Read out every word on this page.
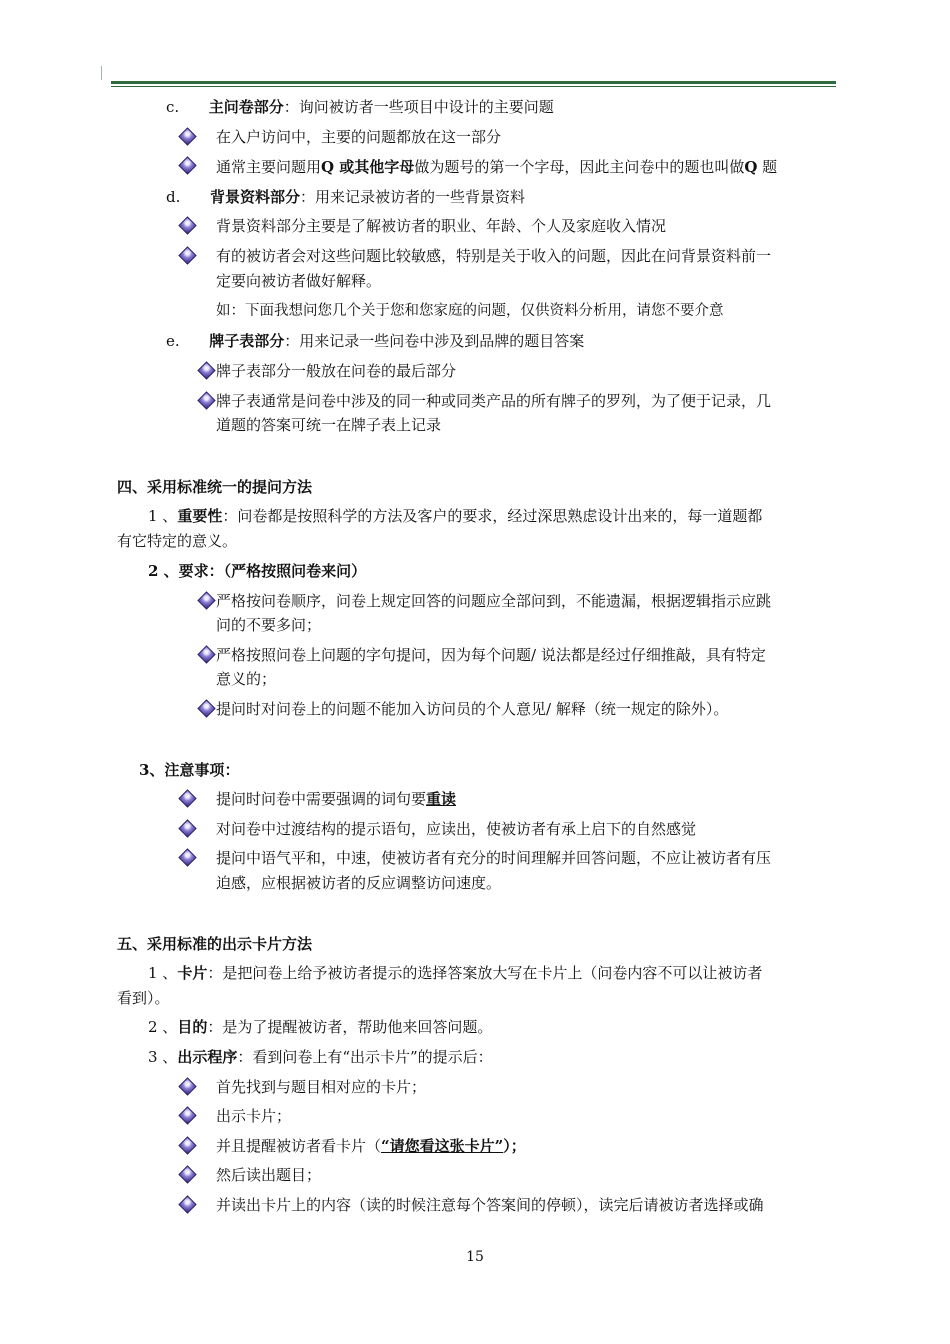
c. 主问卷部分：询问被访者一些项目中设计的主要问题
在入户访问中，主要的问题都放在这一部分
通常主要问题用Q 或其他字母做为题号的第一个字母，因此主问卷中的题也叫做Q 题
d. 背景资料部分：用来记录被访者的一些背景资料
背景资料部分主要是了解被访者的职业、年龄、个人及家庭收入情况
有的被访者会对这些问题比较敏感，特别是关于收入的问题，因此在问背景资料前一
定要向被访者做好解释。
如：下面我想问您几个关于您和您家庭的问题，仅供资料分析用，请您不要介意
e. 牌子表部分：用来记录一些问卷中涉及到品牌的题目答案
牌子表部分一般放在问卷的最后部分
牌子表通常是问卷中涉及的同一种或同类产品的所有牌子的罗列，为了便于记录，几
道题的答案可统一在牌子表上记录
四、采用标准统一的提问方法
1 、重要性：问卷都是按照科学的方法及客户的要求，经过深思熟虑设计出来的，每一道题都
有它特定的意义。
2 、要求：（严格按照问卷来问）
严格按问卷顺序，问卷上规定回答的问题应全部问到，不能遗漏，根据逻辑指示应跳
问的不要多问；
严格按照问卷上问题的字句提问，因为每个问题/ 说法都是经过仔细推敲，具有特定
意义的；
提问时对问卷上的问题不能加入访问员的个人意见/ 解释（统一规定的除外）。
3、注意事项：
提问时问卷中需要强调的词句要重读
对问卷中过渡结构的提示语句，应读出，使被访者有承上启下的自然感觉
提问中语气平和，中速，使被访者有充分的时间理解并回答问题，不应让被访者有压
迫感，应根据被访者的反应调整访问速度。
五、采用标准的出示卡片方法
1 、卡片：是把问卷上给予被访者提示的选择答案放大写在卡片上（问卷内容不可以让被访者
看到）。
2 、目的：是为了提醒被访者，帮助他来回答问题。
3 、出示程序：看到问卷上有“出示卡片”的提示后：
首先找到与题目相对应的卡片；
出示卡片；
并且提醒被访者看卡片（“请您看这张卡片”）；
然后读出题目；
并读出卡片上的内容（读的时候注意每个答案间的停顿），读完后请被访者选择或确
15
